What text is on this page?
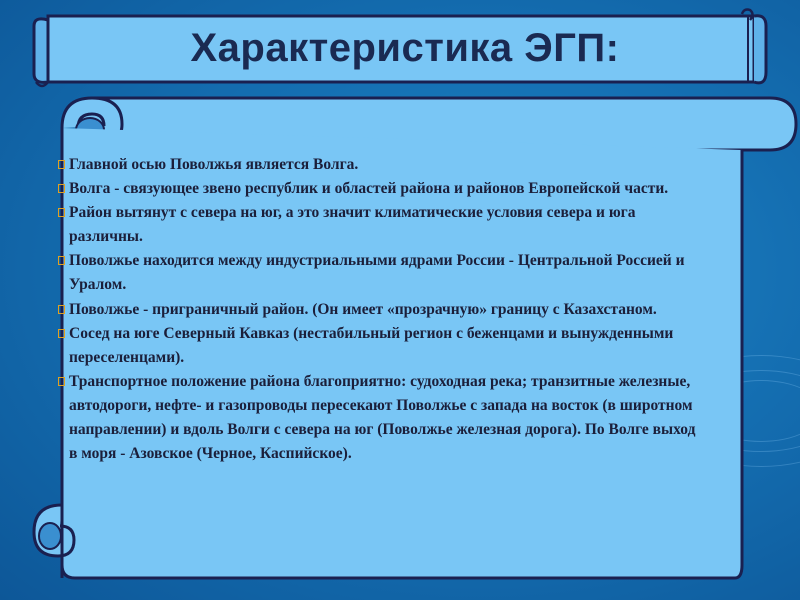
Характеристика ЭГП:
Главной осью Поволжья является Волга.
Волга - связующее звено республик и областей района и районов Европейской части.
Район вытянут с севера на юг, а это значит климатические условия севера и юга различны.
Поволжье находится между индустриальными ядрами России - Центральной Россией и Уралом.
Поволжье - приграничный район. (Он имеет «прозрачную» границу с Казахстаном.
Сосед на юге Северный Кавказ (нестабильный регион с беженцами и вынужденными переселенцами).
Транспортное положение района благоприятно: судоходная река; транзитные железные, автодороги, нефте- и газопроводы пересекают Поволжье с запада на восток (в широтном направлении) и вдоль Волги с севера на юг (Поволжье железная дорога). По Волге выход в моря - Азовское (Черное, Каспийское).
